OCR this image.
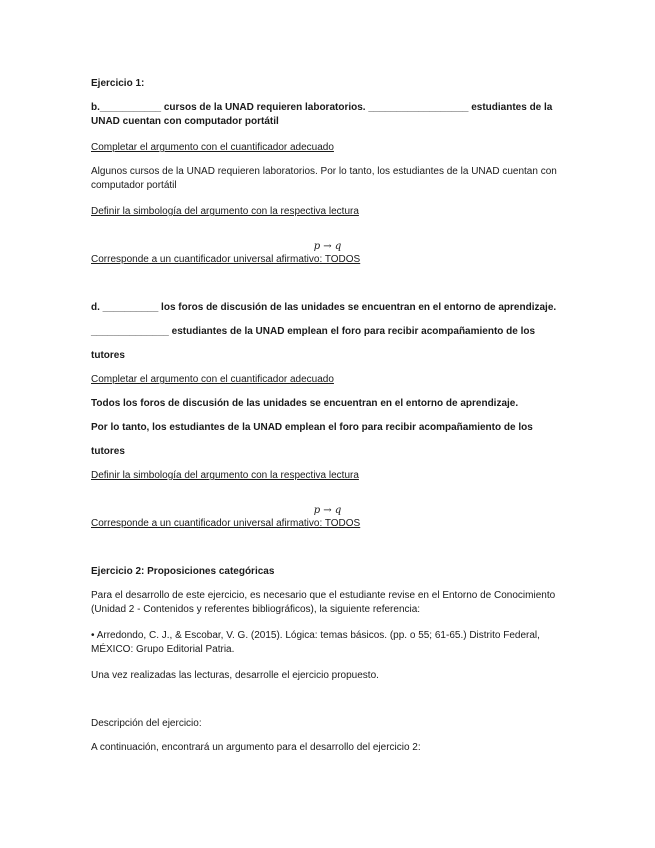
Ejercicio 1:

b.___________ cursos de la UNAD requieren laboratorios. __________________ estudiantes de la UNAD cuentan con computador portátil

Completar el argumento con el cuantificador adecuado

Algunos cursos de la UNAD requieren laboratorios. Por lo tanto, los estudiantes de la UNAD cuentan con computador portátil

Definir la simbología del argumento con la respectiva lectura

p → q

Corresponde a un cuantificador universal afirmativo: TODOS

d. __________ los foros de discusión de las unidades se encuentran en el entorno de aprendizaje.

______________ estudiantes de la UNAD emplean el foro para recibir acompañamiento de los

tutores

Completar el argumento con el cuantificador adecuado

Todos los foros de discusión de las unidades se encuentran en el entorno de aprendizaje.

Por lo tanto, los estudiantes de la UNAD emplean el foro para recibir acompañamiento de los

tutores

Definir la simbología del argumento con la respectiva lectura

p → q

Corresponde a un cuantificador universal afirmativo: TODOS

Ejercicio 2: Proposiciones categóricas

Para el desarrollo de este ejercicio, es necesario que el estudiante revise en el Entorno de Conocimiento (Unidad 2 - Contenidos y referentes bibliográficos), la siguiente referencia:

• Arredondo, C. J., & Escobar, V. G. (2015). Lógica: temas básicos. (pp. o 55; 61-65.) Distrito Federal, MÉXICO: Grupo Editorial Patria.

Una vez realizadas las lecturas, desarrolle el ejercicio propuesto.

Descripción del ejercicio:

A continuación, encontrará un argumento para el desarrollo del ejercicio 2:
